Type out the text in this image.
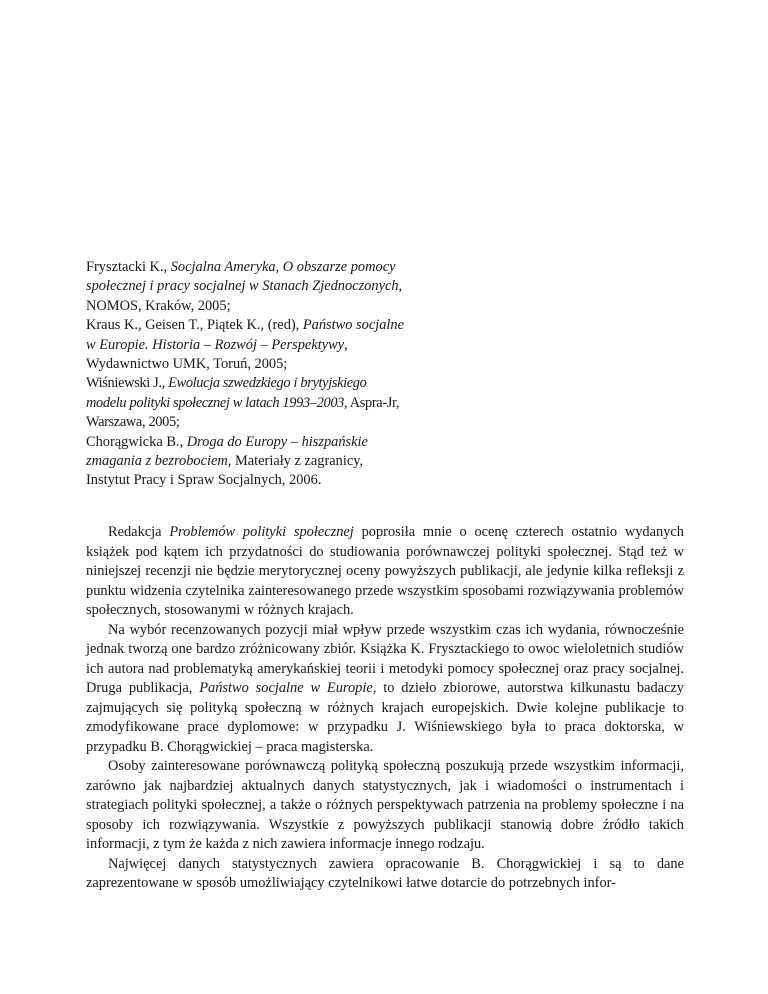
Frysztacki K., Socjalna Ameryka, O obszarze pomocy społecznej i pracy socjalnej w Stanach Zjednoczonych, NOMOS, Kraków, 2005;
Kraus K., Geisen T., Piątek K., (red), Państwo socjalne w Europie. Historia – Rozwój – Perspektywy, Wydawnictwo UMK, Toruń, 2005;
Wiśniewski J., Ewolucja szwedzkiego i brytyjskiego modelu polityki społecznej w latach 1993–2003, Aspra-Jr, Warszawa, 2005;
Chorągwicka B., Droga do Europy – hiszpańskie zmagania z bezrobociem, Materiały z zagranicy, Instytut Pracy i Spraw Socjalnych, 2006.

Redakcja Problemów polityki społecznej poprosiła mnie o ocenę czterech ostatnio wydanych książek pod kątem ich przydatności do studiowania porównawczej polityki społecznej. Stąd też w niniejszej recenzji nie będzie merytorycznej oceny powyższych publikacji, ale jedynie kilka refleksji z punktu widzenia czytelnika zainteresowanego przede wszystkim sposobami rozwiązywania problemów społecznych, stosowanymi w różnych krajach.

Na wybór recenzowanych pozycji miał wpływ przede wszystkim czas ich wydania, równocześnie jednak tworzą one bardzo zróżnicowany zbiór. Książka K. Frysztackiego to owoc wieloletnich studiów ich autora nad problematyką amerykańskiej teorii i metodyki pomocy społecznej oraz pracy socjalnej. Druga publikacja, Państwo socjalne w Europie, to dzieło zbiorowe, autorstwa kilkunastu badaczy zajmujących się polityką społeczną w różnych krajach europejskich. Dwie kolejne publikacje to zmodyfikowane prace dyplomowe: w przypadku J. Wiśniewskiego była to praca doktorska, w przypadku B. Chorągwickiej – praca magisterska.

Osoby zainteresowane porównawczą polityką społeczną poszukują przede wszystkim informacji, zarówno jak najbardziej aktualnych danych statystycznych, jak i wiadomości o instrumentach i strategiach polityki społecznej, a także o różnych perspektywach patrzenia na problemy społeczne i na sposoby ich rozwiązywania. Wszystkie z powyższych publikacji stanowią dobre źródło takich informacji, z tym że każda z nich zawiera informacje innego rodzaju.

Najwięcej danych statystycznych zawiera opracowanie B. Chorągwickiej i są to dane zaprezentowane w sposób umożliwiający czytelnikowi łatwe dotarcie do potrzebnych infor-
